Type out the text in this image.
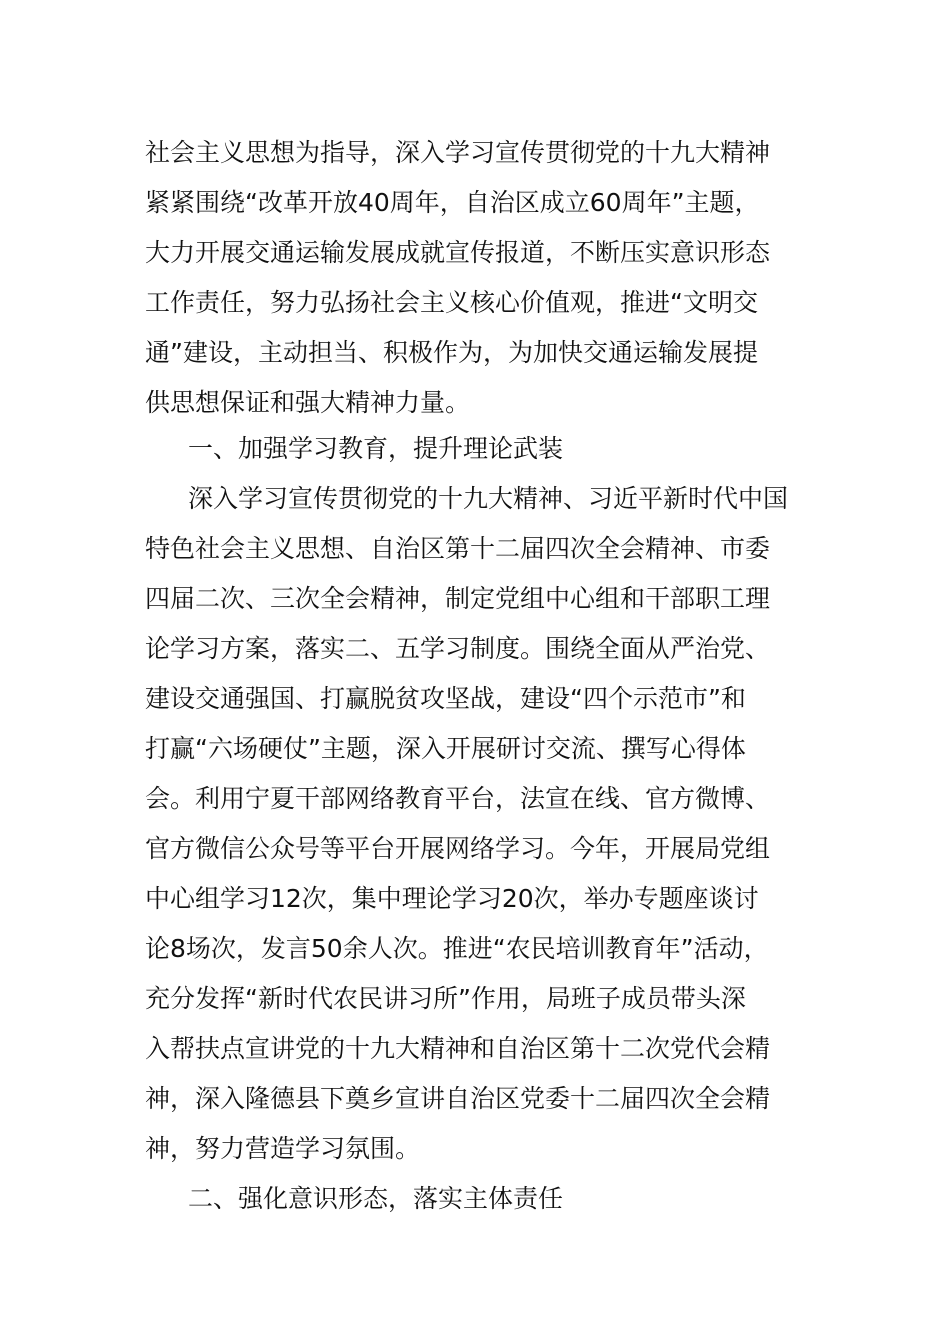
社会主义思想为指导，深入学习宣传贯彻党的十九大精神
紧紧围绕“改革开放40周年，自治区成立60周年”主题，
大力开展交通运输发展成就宣传报道，不断压实意识形态
工作责任，努力弘扬社会主义核心价值观，推进“文明交
通”建设，主动担当、积极作为，为加快交通运输发展提
供思想保证和强大精神力量。
一、加强学习教育，提升理论武装
深入学习宣传贯彻党的十九大精神、习近平新时代中国
特色社会主义思想、自治区第十二届四次全会精神、市委
四届二次、三次全会精神，制定党组中心组和干部职工理
论学习方案，落实二、五学习制度。围绕全面从严治党、
建设交通强国、打赢脱贫攻坚战，建设“四个示范市”和
打赢“六场硬仗”主题，深入开展研讨交流、撰写心得体
会。利用宁夏干部网络教育平台，法宣在线、官方微博、
官方微信公众号等平台开展网络学习。今年，开展局党组
中心组学习12次，集中理论学习20次，举办专题座谈讨
论8场次，发言50余人次。推进“农民培训教育年”活动，
充分发挥“新时代农民讲习所”作用，局班子成员带头深
入帮扶点宣讲党的十九大精神和自治区第十二次党代会精
神，深入隆德县下奠乡宣讲自治区党委十二届四次全会精
神，努力营造学习氛围。
二、强化意识形态，落实主体责任
